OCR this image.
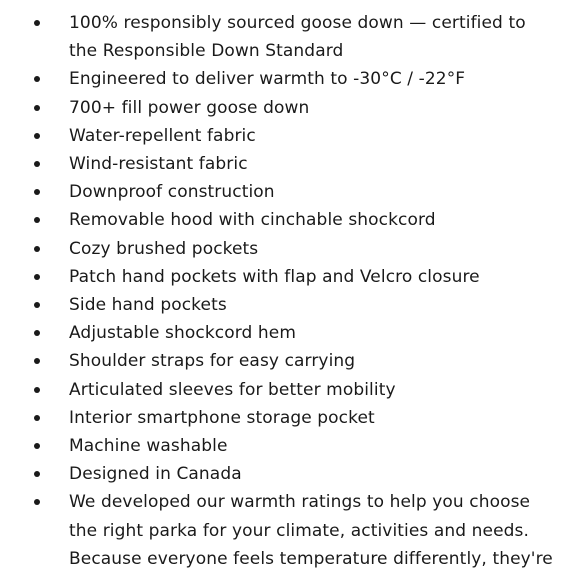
100% responsibly sourced goose down — certified to the Responsible Down Standard
Engineered to deliver warmth to -30°C / -22°F
700+ fill power goose down
Water-repellent fabric
Wind-resistant fabric
Downproof construction
Removable hood with cinchable shockcord
Cozy brushed pockets
Patch hand pockets with flap and Velcro closure
Side hand pockets
Adjustable shockcord hem
Shoulder straps for easy carrying
Articulated sleeves for better mobility
Interior smartphone storage pocket
Machine washable
Designed in Canada
We developed our warmth ratings to help you choose the right parka for your climate, activities and needs. Because everyone feels temperature differently, they're
